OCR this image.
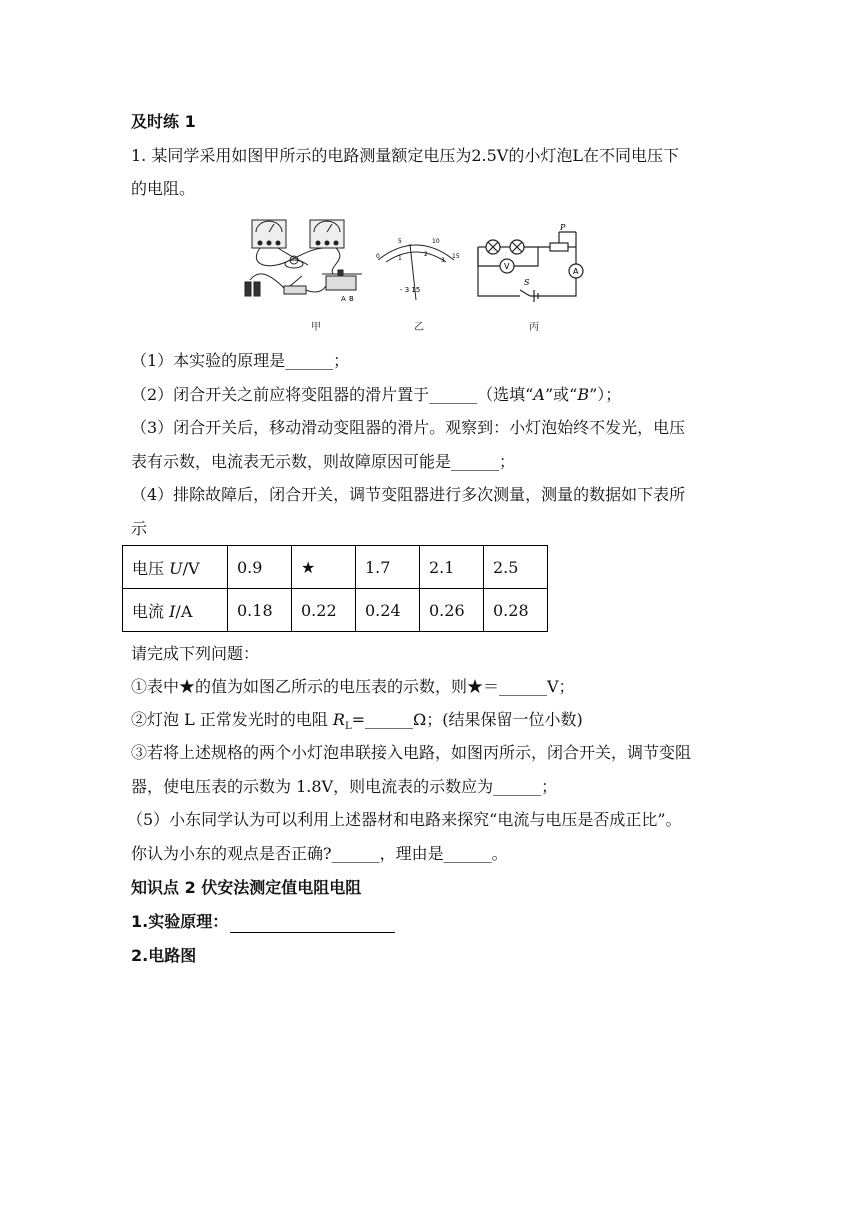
及时练 1
1. 某同学采用如图甲所示的电路测量额定电压为2.5V的小灯泡L在不同电压下
的电阻。
A B
0
5	10
15
1
2
3
- 3 15
V
A
P
S
甲	乙	丙
（1）本实验的原理是______；
（2）闭合开关之前应将变阻器的滑片置于______（选填“A”或“B”）；
（3）闭合开关后，移动滑动变阻器的滑片。观察到：小灯泡始终不发光，电压
表有示数，电流表无示数，则故障原因可能是______；
（4）排除故障后，闭合开关，调节变阻器进行多次测量，测量的数据如下表所
示
电压 U/V	0.9	★	1.7	2.1	2.5
电流 I/A	0.18	0.22	0.24	0.26	0.28
请完成下列问题：
①表中★的值为如图乙所示的电压表的示数，则★＝______V；
②灯泡 L 正常发光时的电阻 $R_L=\_\_\_\_\_\_\Omega$；(结果保留一位小数)
③若将上述规格的两个小灯泡串联接入电路，如图丙所示，闭合开关，调节变阻
器，使电压表的示数为 1.8V，则电流表的示数应为______；
（5）小东同学认为可以利用上述器材和电路来探究“电流与电压是否成正比”。
你认为小东的观点是否正确?______，理由是______。
知识点 2 伏安法测定值电阻电阻
1.实验原理：
2.电路图
